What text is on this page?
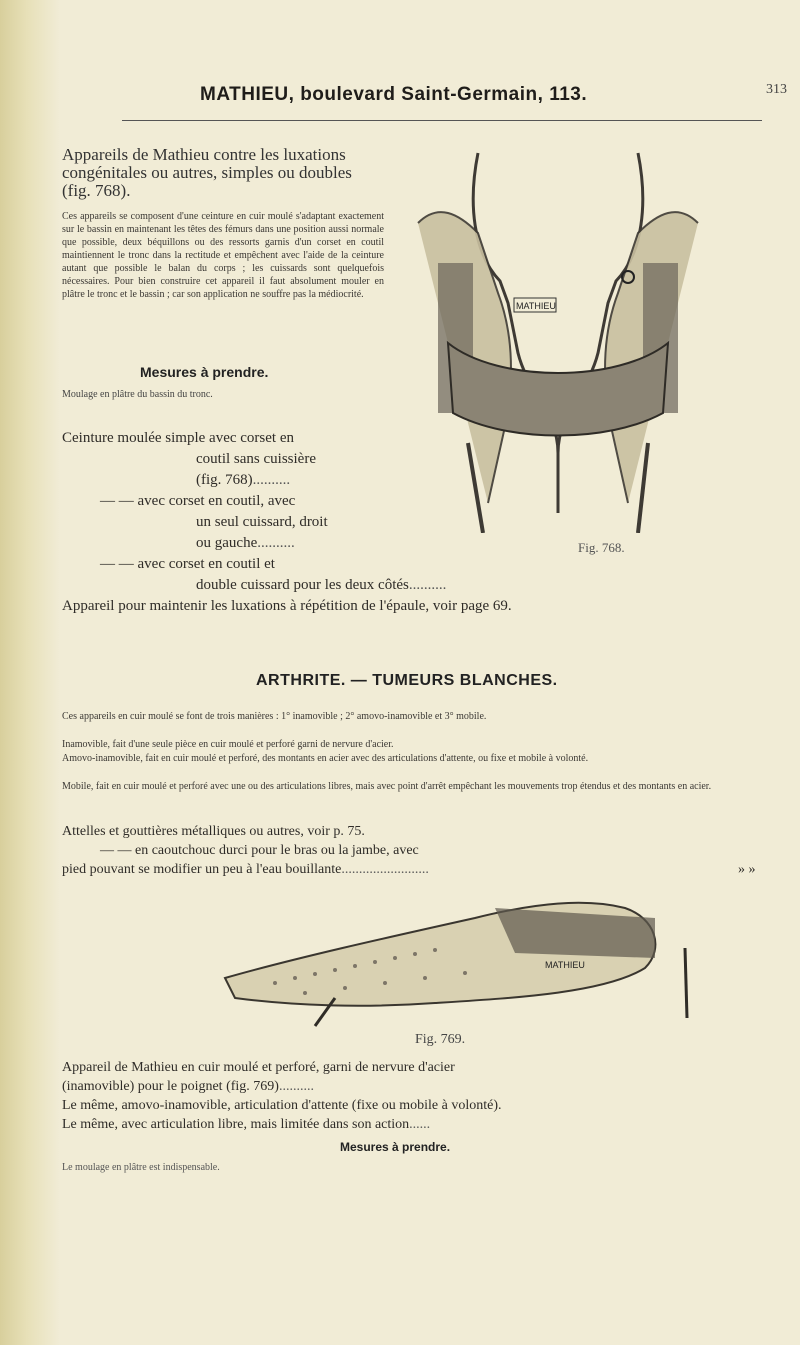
MATHIEU, boulevard Saint-Germain, 113.	313
Appareils de Mathieu contre les luxations congénitales ou autres, simples ou doubles (fig. 768).
Ces appareils se composent d'une ceinture en cuir moulé s'adaptant exactement sur le bassin en maintenant les têtes des fémurs dans une position aussi normale que possible, deux béquillons ou des ressorts garnis d'un corset en coutil maintiennent le tronc dans la rectitude et empêchent avec l'aide de la ceinture autant que possible le balan du corps ; les cuissards sont quelquefois nécessaires. Pour bien construire cet appareil il faut absolument mouler en plâtre le tronc et le bassin ; car son application ne souffre pas la médiocrité.
Mesures à prendre.
Moulage en plâtre du bassin du tronc.
Ceinture moulée simple avec corset en
coutil sans cuissière
(fig. 768)..........
— — avec corset en coutil, avec
un seul cuissard, droit
ou gauche..........
— — avec corset en coutil et
double cuissard pour les deux côtés..........
Appareil pour maintenir les luxations à répétition de l'épaule, voir page 69.
MATHIEU
Fig. 768.
ARTHRITE. — TUMEURS BLANCHES.
Ces appareils en cuir moulé se font de trois manières : 1° inamovible ; 2° amovo-inamovible et 3° mobile.
Inamovible, fait d'une seule pièce en cuir moulé et perforé garni de nervure d'acier.
Amovo-inamovible, fait en cuir moulé et perforé, des montants en acier avec des articulations d'attente, ou fixe et mobile à volonté.
Mobile, fait en cuir moulé et perforé avec une ou des articulations libres, mais avec point d'arrêt empêchant les mouvements trop étendus et des montants en acier.
Attelles et gouttières métalliques ou autres, voir p. 75.
— — en caoutchouc durci pour le bras ou la jambe, avec
pied pouvant se modifier un peu à l'eau bouillante.........................	» »
MATHIEU
Fig. 769.
Appareil de Mathieu en cuir moulé et perforé, garni de nervure d'acier
(inamovible) pour le poignet (fig. 769)..........
Le même, amovo-inamovible, articulation d'attente (fixe ou mobile à volonté).
Le même, avec articulation libre, mais limitée dans son action......
Mesures à prendre.
Le moulage en plâtre est indispensable.
